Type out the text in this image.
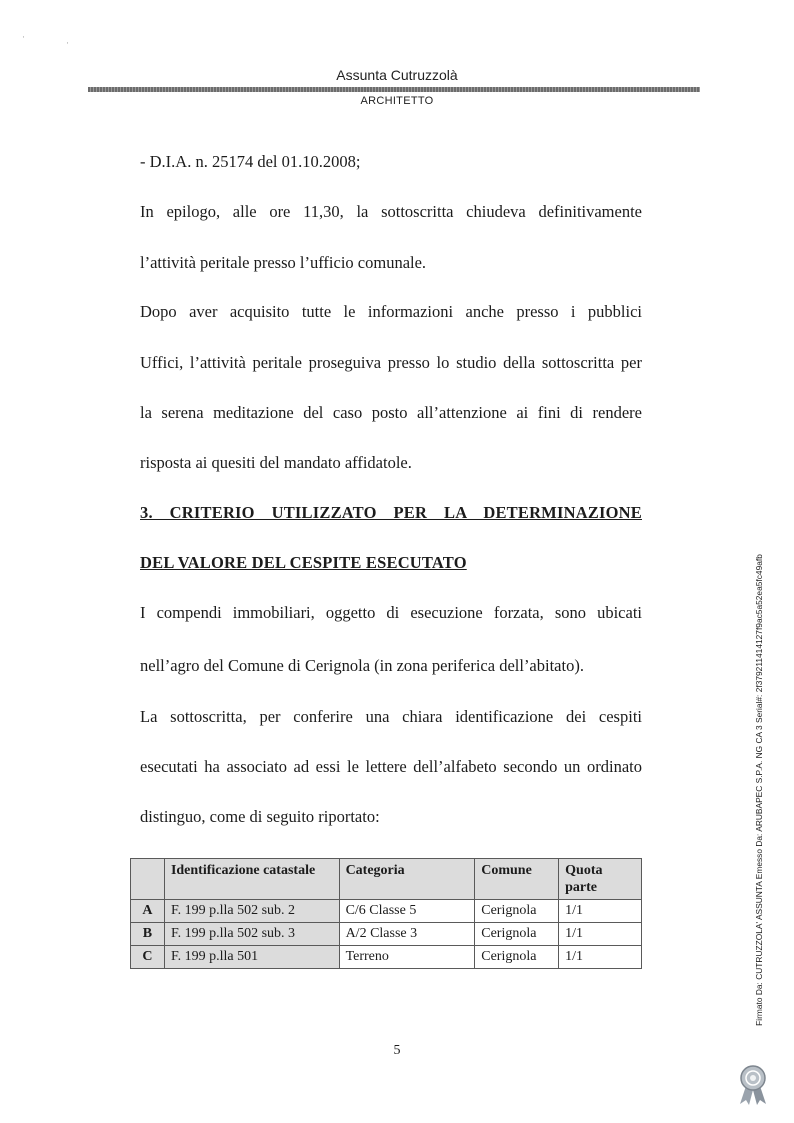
·
·
Assunta Cutruzzolà
ARCHITETTO
- D.I.A. n. 25174 del 01.10.2008;
In epilogo, alle ore 11,30, la sottoscritta chiudeva definitivamente
l’attività peritale presso l’ufficio comunale.
Dopo aver acquisito tutte le informazioni anche presso i pubblici
Uffici, l’attività peritale proseguiva presso lo studio della sottoscritta per
la serena meditazione del caso posto all’attenzione ai fini di rendere
risposta ai quesiti del mandato affidatole.
3. CRITERIO UTILIZZATO PER LA DETERMINAZIONE
DEL VALORE DEL CESPITE ESECUTATO
I compendi immobiliari, oggetto di esecuzione forzata, sono ubicati
nell’agro del Comune di Cerignola (in zona periferica dell’abitato).
La sottoscritta, per conferire una chiara identificazione dei cespiti
esecutati ha associato ad essi le lettere dell’alfabeto secondo un ordinato
distinguo, come di seguito riportato:
	Identificazione catastale	Categoria	Comune	Quota parte
A	F. 199 p.lla 502 sub. 2	C/6 Classe 5	Cerignola	1/1
B	F. 199 p.lla 502 sub. 3	A/2 Classe 3	Cerignola	1/1
C	F. 199 p.lla 501	Terreno	Cerignola	1/1
5
Firmato Da: CUTRUZZOLA' ASSUNTA Emesso Da: ARUBAPEC S.P.A. NG CA 3 Serial#: 2f379211414127f9ac5a52ea5fc49afb
